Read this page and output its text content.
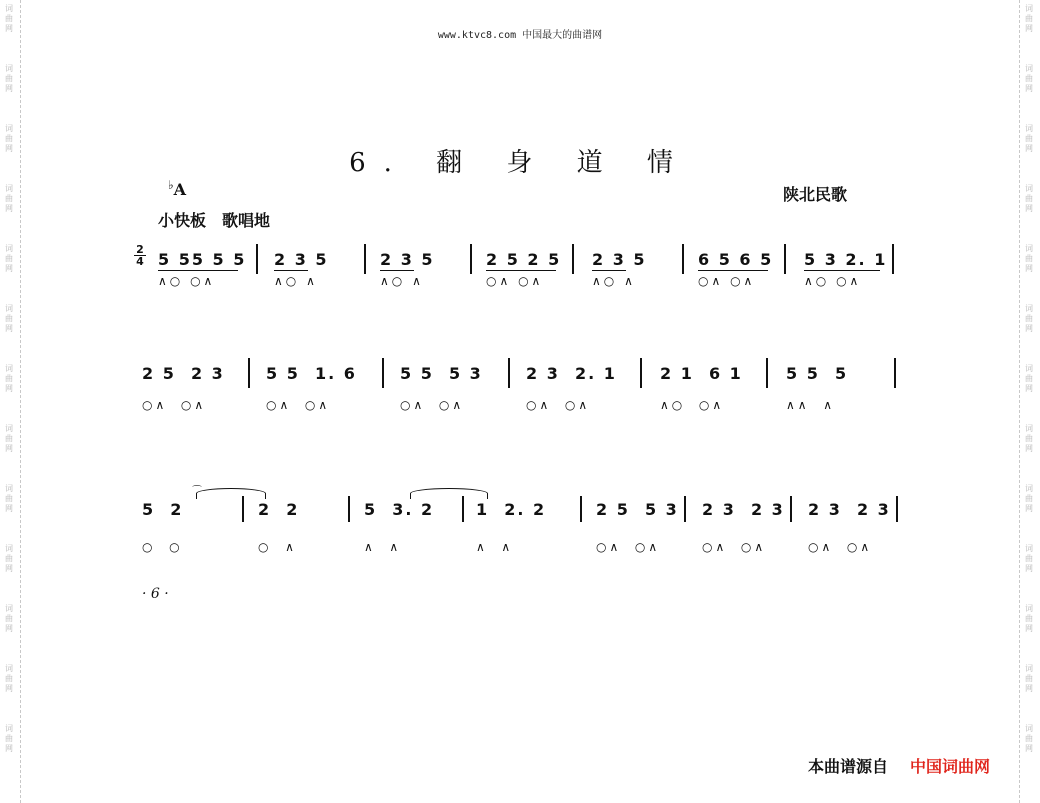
词
曲
网
词
曲
网
词
曲
网
词
曲
网
词
曲
网
词
曲
网
词
曲
网
词
曲
网
词
曲
网
词
曲
网
词
曲
网
词
曲
网
词
曲
网
词
曲
网
词
曲
网
词
曲
网
词
曲
网
词
曲
网
词
曲
网
词
曲
网
词
曲
网
词
曲
网
词
曲
网
词
曲
网
词
曲
网
词
曲
网
www.ktvc8.com 中国最大的曲谱网
6. 翻 身 道 情
♭A	陕北民歌
小快板　歌唱地
2
4 5 55 5 5
∧○ ○∧
2 3 5
∧○ ∧
2 3 5
∧○ ∧
2 5 2 5
○∧ ○∧
2 3 5
∧○ ∧
6 5 6 5
○∧ ○∧
5 3 2. 1
∧○ ○∧
2 5  2 3
○∧  ○∧
5 5  1. 6
○∧  ○∧
5 5  5 3
○∧  ○∧
2 3  2. 1
○∧  ○∧
2 1  6 1
∧○  ○∧
5 5  5
∧∧  ∧
⌒
5  2
○  ○
2  2
○  ∧
5  3. 2
∧  ∧
1  2. 2
∧  ∧
2 5  5 3
○∧  ○∧
2 3  2 3
○∧  ○∧
2 3  2 3
○∧  ○∧
· 6 ·
本曲谱源自 中国词曲网
